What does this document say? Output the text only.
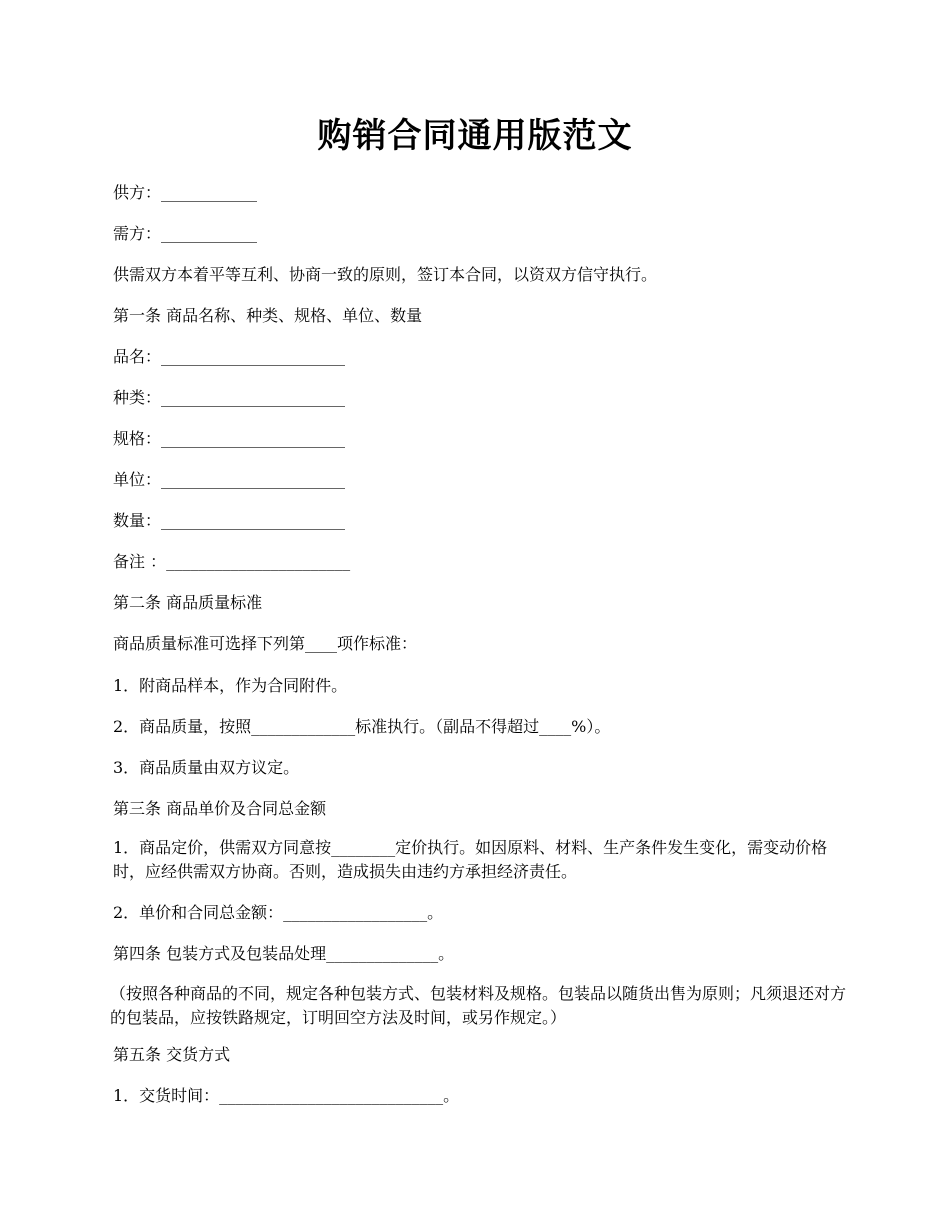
购销合同通用版范文
供方：____________
需方：____________
供需双方本着平等互利、协商一致的原则，签订本合同，以资双方信守执行。
第一条 商品名称、种类、规格、单位、数量
品名：_______________________
种类：_______________________
规格：_______________________
单位：_______________________
数量：_______________________
备注 ：_______________________
第二条 商品质量标准
商品质量标准可选择下列第____项作标准：
1．附商品样本，作为合同附件。
2．商品质量，按照_____________标准执行。（副品不得超过____%）。
3．商品质量由双方议定。
第三条 商品单价及合同总金额
1．商品定价，供需双方同意按________定价执行。如因原料、材料、生产条件发生变化，需变动价格时，应经供需双方协商。否则，造成损失由违约方承担经济责任。
2．单价和合同总金额：__________________。
第四条 包装方式及包装品处理______________。
（按照各种商品的不同，规定各种包装方式、包装材料及规格。包装品以随货出售为原则；凡须退还对方的包装品，应按铁路规定，订明回空方法及时间，或另作规定。）
第五条 交货方式
1．交货时间：____________________________。
